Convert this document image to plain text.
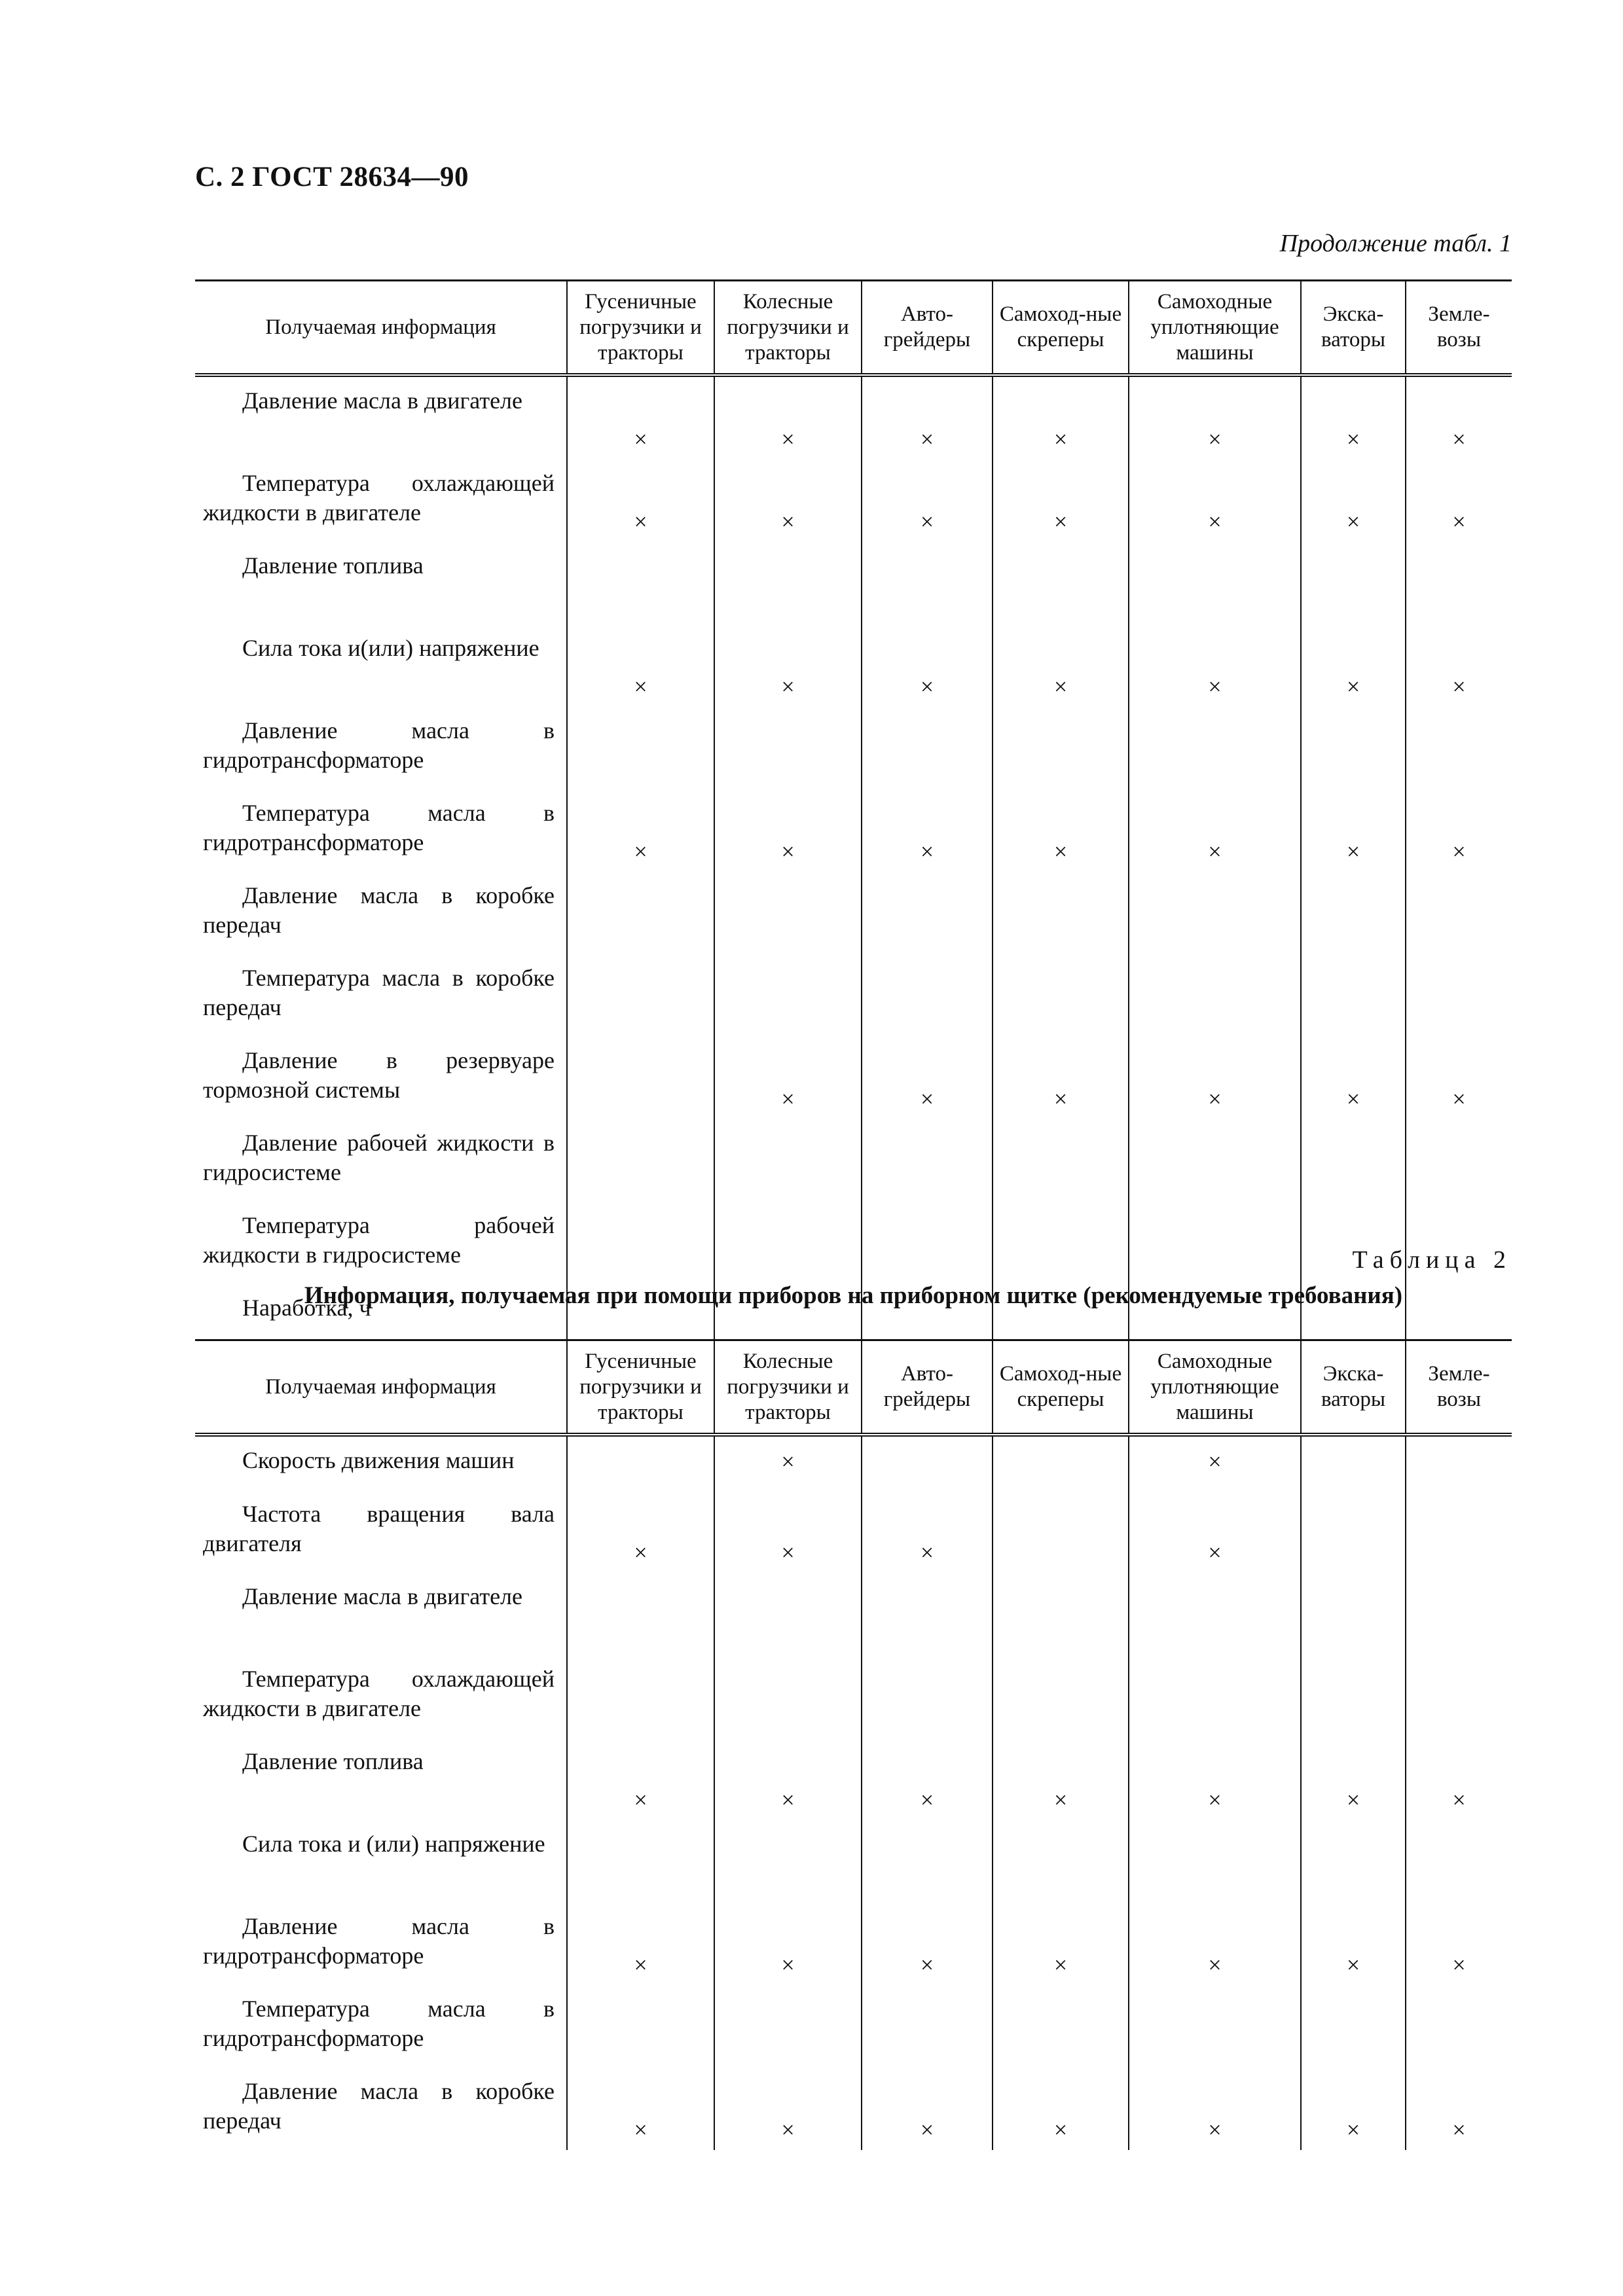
С. 2 ГОСТ 28634—90
Продолжение табл. 1
Получаемая информация	Гусеничные погрузчики и тракторы	Колесные погрузчики и тракторы	Авто-грейдеры	Самоход-ные скреперы	Самоходные уплотняющие машины	Экска-ваторы	Земле-возы

Давление масла в двигателе	×	×	×	×	×	×	×

Температура охлаждающей жидкости в двигателе	×	×	×	×	×	×	×

Давление топлива							

Сила тока и(или) напряжение	×	×	×	×	×	×	×

Давление масла в гидротрансформаторе							

Температура масла в гидротрансформаторе	×	×	×	×	×	×	×

Давление масла в коробке передач							

Температура масла в коробке передач							

Давление в резервуаре тормозной системы		×	×	×	×	×	×

Давление рабочей жидкости в гидросистеме							

Температура рабочей жидкости в гидросистеме							

Наработка, ч							

Таблица 2
Информация, получаемая при помощи приборов на приборном щитке (рекомендуемые требования)
Получаемая информация	Гусеничные погрузчики и тракторы	Колесные погрузчики и тракторы	Авто-грейдеры	Самоход-ные скреперы	Самоходные уплотняющие машины	Экска-ваторы	Земле-возы

Скорость движения машин		×			×		

Частота вращения вала двигателя	×	×	×		×		

Давление масла в двигателе							

Температура охлаждающей жидкости в двигателе							

Давление топлива	×	×	×	×	×	×	×

Сила тока и (или) напряжение							

Давление масла в гидротрансформаторе	×	×	×	×	×	×	×

Температура масла в гидротрансформаторе							

Давление масла в коробке передач	×	×	×	×	×	×	×
